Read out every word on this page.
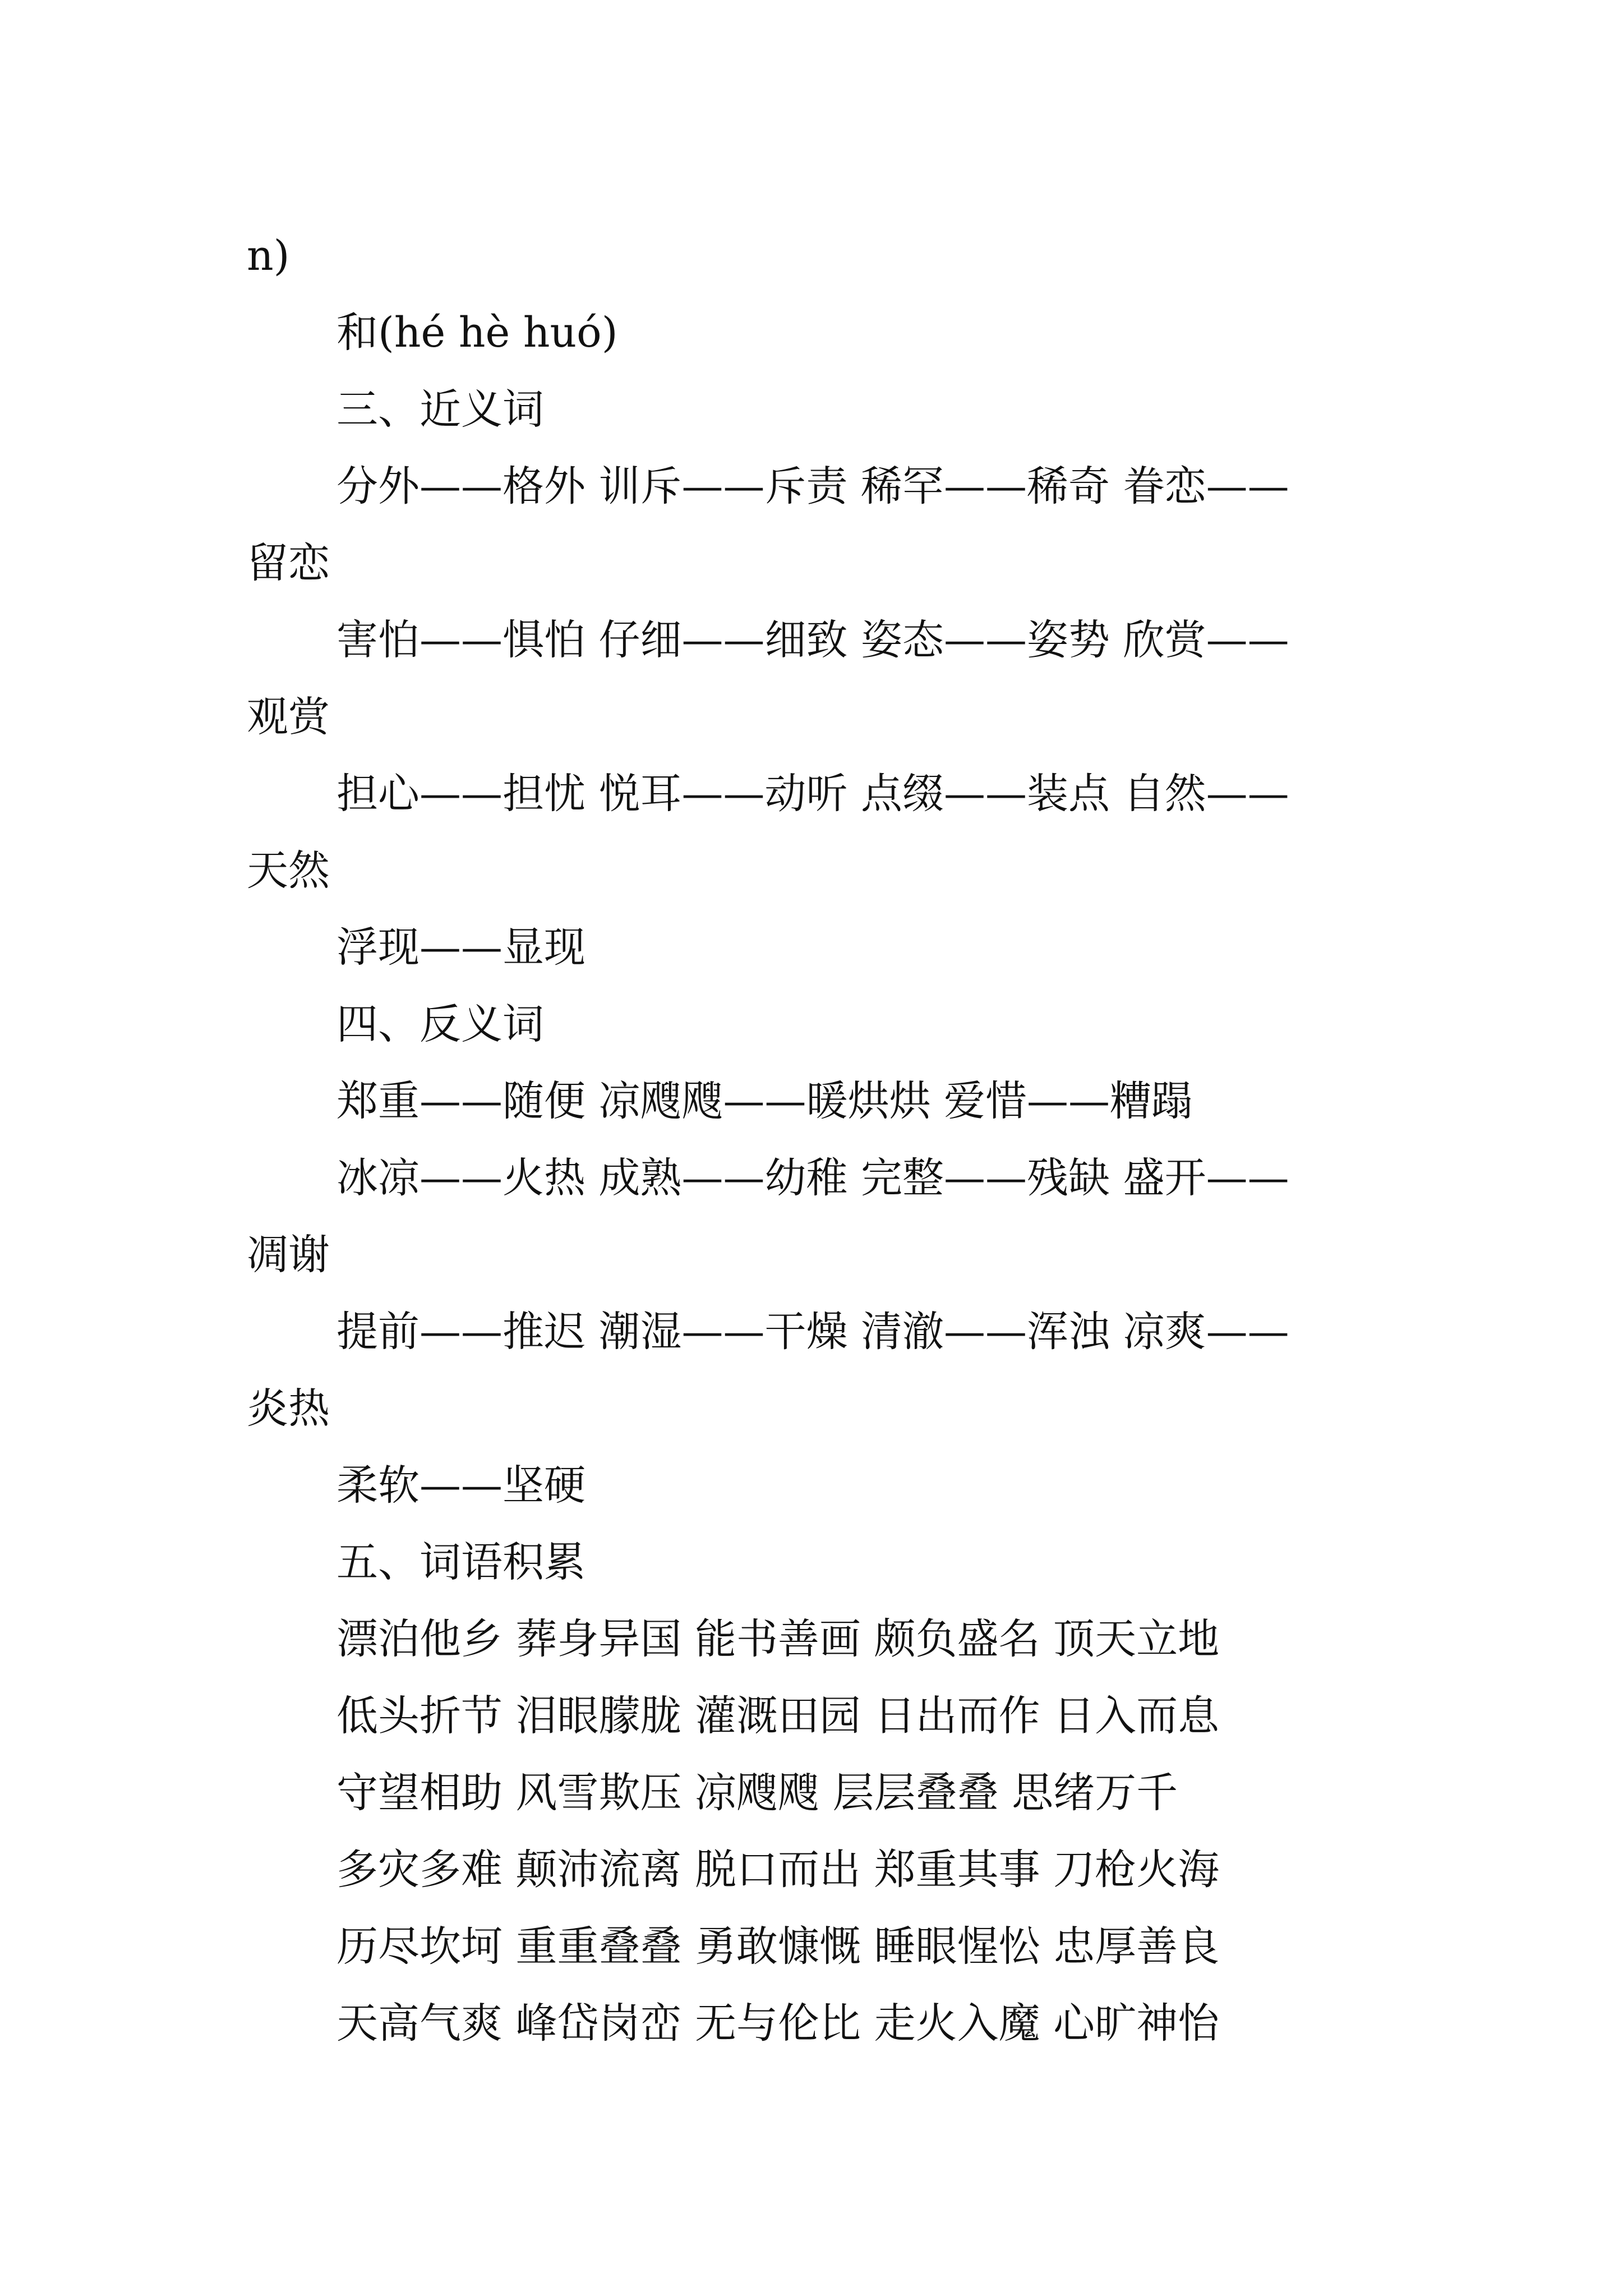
n)

和(hé hè huó)

三、近义词

分外——格外 训斥——斥责 稀罕——稀奇 眷恋——

留恋

害怕——惧怕 仔细——细致 姿态——姿势 欣赏——

观赏

担心——担忧 悦耳——动听 点缀——装点 自然——

天然

浮现——显现

四、反义词

郑重——随便 凉飕飕——暖烘烘 爱惜——糟蹋

冰凉——火热 成熟——幼稚 完整——残缺 盛开——

凋谢

提前——推迟 潮湿——干燥 清澈——浑浊 凉爽——

炎热

柔软——坚硬

五、词语积累

漂泊他乡 葬身异国 能书善画 颇负盛名 顶天立地

低头折节 泪眼朦胧 灌溉田园 日出而作 日入而息

守望相助 风雪欺压 凉飕飕 层层叠叠 思绪万千

多灾多难 颠沛流离 脱口而出 郑重其事 刀枪火海

历尽坎坷 重重叠叠 勇敢慷慨 睡眼惺忪 忠厚善良

天高气爽 峰岱岗峦 无与伦比 走火入魔 心旷神怡
